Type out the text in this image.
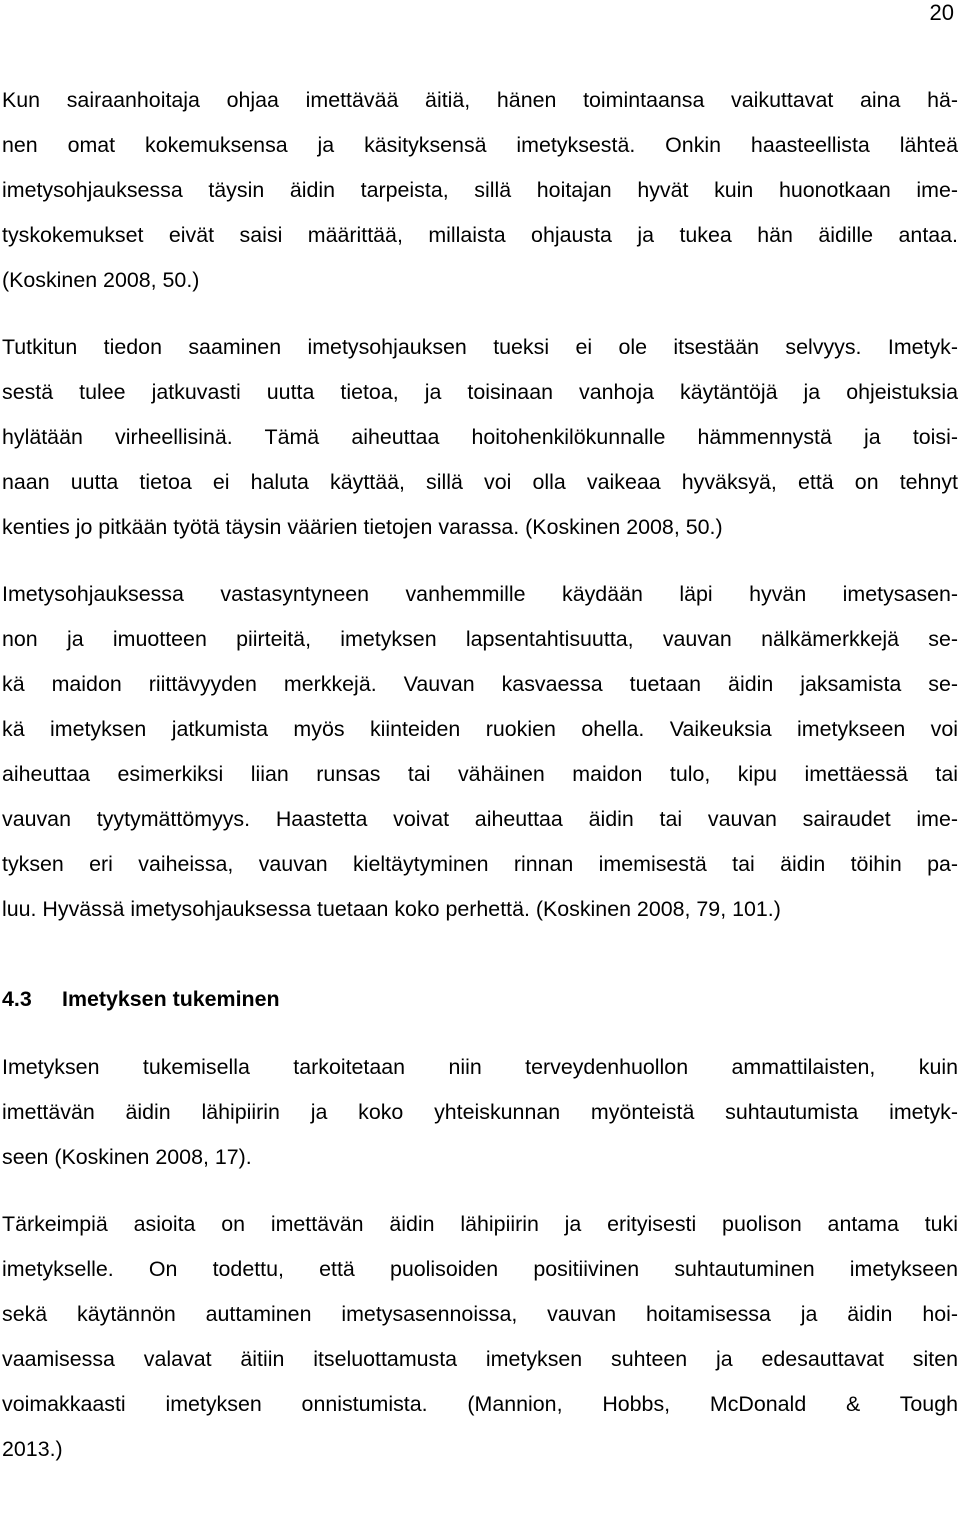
20
Kun sairaanhoitaja ohjaa imettävää äitiä, hänen toimintaansa vaikuttavat aina hä-
nen omat kokemuksensa ja käsityksensä imetyksestä. Onkin haasteellista lähteä
imetysohjauksessa täysin äidin tarpeista, sillä hoitajan hyvät kuin huonotkaan ime-
tyskokemukset eivät saisi määrittää, millaista ohjausta ja tukea hän äidille antaa.
(Koskinen 2008, 50.)
Tutkitun tiedon saaminen imetysohjauksen tueksi ei ole itsestään selvyys. Imetyk-
sestä tulee jatkuvasti uutta tietoa, ja toisinaan vanhoja käytäntöjä ja ohjeistuksia
hylätään virheellisinä. Tämä aiheuttaa hoitohenkilökunnalle hämmennystä ja toisi-
naan uutta tietoa ei haluta käyttää, sillä voi olla vaikeaa hyväksyä, että on tehnyt
kenties jo pitkään työtä täysin väärien tietojen varassa. (Koskinen 2008, 50.)
Imetysohjauksessa vastasyntyneen vanhemmille käydään läpi hyvän imetysasen-
non ja imuotteen piirteitä, imetyksen lapsentahtisuutta, vauvan nälkämerkkejä se-
kä maidon riittävyyden merkkejä. Vauvan kasvaessa tuetaan äidin jaksamista se-
kä imetyksen jatkumista myös kiinteiden ruokien ohella. Vaikeuksia imetykseen voi
aiheuttaa esimerkiksi liian runsas tai vähäinen maidon tulo, kipu imettäessä tai
vauvan tyytymättömyys. Haastetta voivat aiheuttaa äidin tai vauvan sairaudet ime-
tyksen eri vaiheissa, vauvan kieltäytyminen rinnan imemisestä tai äidin töihin pa-
luu. Hyvässä imetysohjauksessa tuetaan koko perhettä. (Koskinen 2008, 79, 101.)
4.3 Imetyksen tukeminen
Imetyksen tukemisella tarkoitetaan niin terveydenhuollon ammattilaisten, kuin
imettävän äidin lähipiirin ja koko yhteiskunnan myönteistä suhtautumista imetyk-
seen (Koskinen 2008, 17).
Tärkeimpiä asioita on imettävän äidin lähipiirin ja erityisesti puolison antama tuki
imetykselle. On todettu, että puolisoiden positiivinen suhtautuminen imetykseen
sekä käytännön auttaminen imetysasennoissa, vauvan hoitamisessa ja äidin hoi-
vaamisessa valavat äitiin itseluottamusta imetyksen suhteen ja edesauttavat siten
voimakkaasti imetyksen onnistumista. (Mannion, Hobbs, McDonald & Tough
2013.)
